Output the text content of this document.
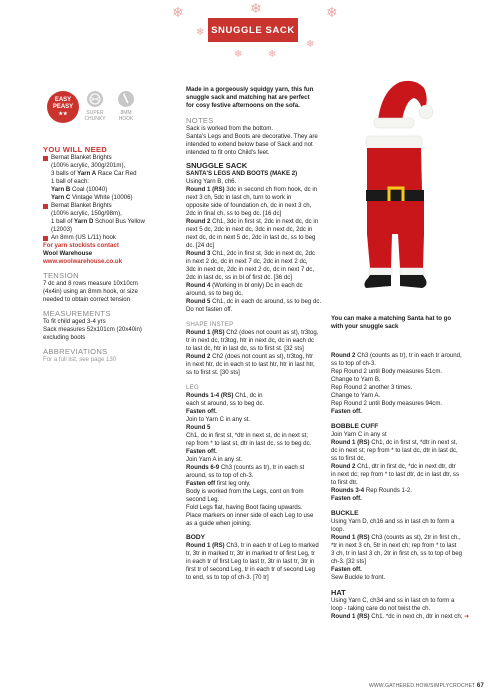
❄
❄
❄
❄	❄
❄
❄
SNUGGLE SACK
EASY
PEASY
★★	SUPER
CHUNKY
8MM
HOOK

YOU WILL NEED

Bernat Blanket Brights

(100% acrylic, 300g/201m),

3 balls of Yarn A Race Car Red

1 ball of each:

Yarn B Coal (10040)

Yarn C Vintage White (10006)

Bernat Blanket Brights

(100% acrylic, 150g/98m),

1 ball of Yarn D School Bus Yellow

(12003)

An 8mm (US L/11) hook

For yarn stockists contact

Wool Warehouse

www.woolwarehouse.co.uk

TENSION

7 dc and 8 rows measure 10x10cm

(4x4in) using an 8mm hook, or size

needed to obtain correct tension

MEASUREMENTS

To fit child aged 3-4 yrs

Sack measures 52x101cm (20x40in)

excluding boots

ABBREVIATIONS

For a full list, see page 130

Made in a gorgeously squidgy yarn, this fun

snuggle sack and matching hat are perfect

for cosy festive afternoons on the sofa.

NOTES

Sack is worked from the bottom.

Santa's Legs and Boots are decorative. They are

intended to extend below base of Sack and not

intended to fit onto Child's feet.

SNUGGLE SACK

SANTA'S LEGS AND BOOTS (MAKE 2)

Using Yarn B, ch6.

Round 1 (RS) 3dc in second ch from hook, dc in

next 3 ch, 5dc in last ch, turn to work in

opposite side of foundation ch, dc in next 3 ch,

2dc in final ch, ss to beg dc. [16 dc]

Round 2 Ch1, 3dc in first st, 2dc in next dc, dc in

next 5 dc, 2dc in next dc, 3dc in next dc, 2dc in

next dc, dc in next 5 dc, 2dc in last dc, ss to beg

dc. [24 dc]

Round 3 Ch1, 2dc in first st, 3dc in next dc, 2dc

in next 2 dc, dc in next 7 dc, 2dc in next 2 dc,

3dc in next dc, 2dc in next 2 dc, dc in next 7 dc,

2dc in last dc, ss in bl of first dc. [36 dc]

Round 4 (Working in bl only) Dc in each dc

around, ss to beg dc.

Round 5 Ch1, dc in each dc around, ss to beg dc.

Do not fasten off.

SHAPE INSTEP

Round 1 (RS) Ch2 (does not count as st), tr3tog,

tr in next dc, tr3tog, htr in next dc, dc in each dc

to last dc, htr in last dc, ss to first st. [32 sts]

Round 2 Ch2 (does not count as st), tr3tog, htr

in next htr, dc in each st to last htr, htr in last htr,

ss to first st. [30 sts]

LEG

Rounds 1-4 (RS) Ch1, dc in

each st around, ss to beg dc.

Fasten off.

Join to Yarn C in any st.

Round 5

Ch1, dc in first st, *dtr in next st, dc in next st;

rep from * to last st, dtr in last dc, ss to beg dc.

Fasten off.

Join Yarn A in any st.

Rounds 6-9 Ch3 (counts as tr), tr in each st

around, ss to top of ch-3.

Fasten off first leg only.

Body is worked from the Legs, cont on from

second Leg.

Fold Legs flat, having Boot facing upwards.

Place markers on inner side of each Leg to use

as a guide when joining.

BODY

Round 1 (RS) Ch3, tr in each tr of Leg to marked

tr, 3tr in marked tr, 3tr in marked tr of first Leg, tr

in each tr of first Leg to last tr, 3tr in last tr, 3tr in

first tr of second Leg, tr in each tr of second Leg

to end, ss to top of ch-3. [70 tr]

You can make a matching Santa hat to go

with your snuggle sack

Round 2 Ch3 (counts as tr), tr in each tr around,

ss to top of ch-3.

Rep Round 2 until Body measures 51cm.

Change to Yarn B.

Rep Round 2 another 3 times.

Change to Yarn A.

Rep Round 2 until Body measures 94cm.

Fasten off.

BOBBLE CUFF

Join Yarn C in any st

Round 1 (RS) Ch1, dc in first st, *dtr in next st,

dc in next st; rep from * to last dc, dtr in last dc,

ss to first dc.

Round 2 Ch1, dtr in first dc, *dc in next dtr, dtr

in next dc; rep from * to last dtr, dc in last dtr, ss

to first dtr.

Rounds 3-4 Rep Rounds 1-2.

Fasten off.

BUCKLE

Using Yarn D, ch16 and ss in last ch to form a

loop.

Round 1 (RS) Ch3 (counts as st), 2tr in first ch.,

*tr in next 3 ch, 5tr in next ch; rep from * to last

3 ch, tr in last 3 ch, 2tr in first ch, ss to top of beg

ch-3. [32 sts]

Fasten off.

Sew Buckle to front.

HAT

Using Yarn C, ch34 and ss in last ch to form a

loop - taking care do not twist the ch.

Round 1 (RS) Ch1. *dc in next ch, dtr in next ch; ➜

WWW.GATHERED.HOW/SIMPLYCROCHET 67
